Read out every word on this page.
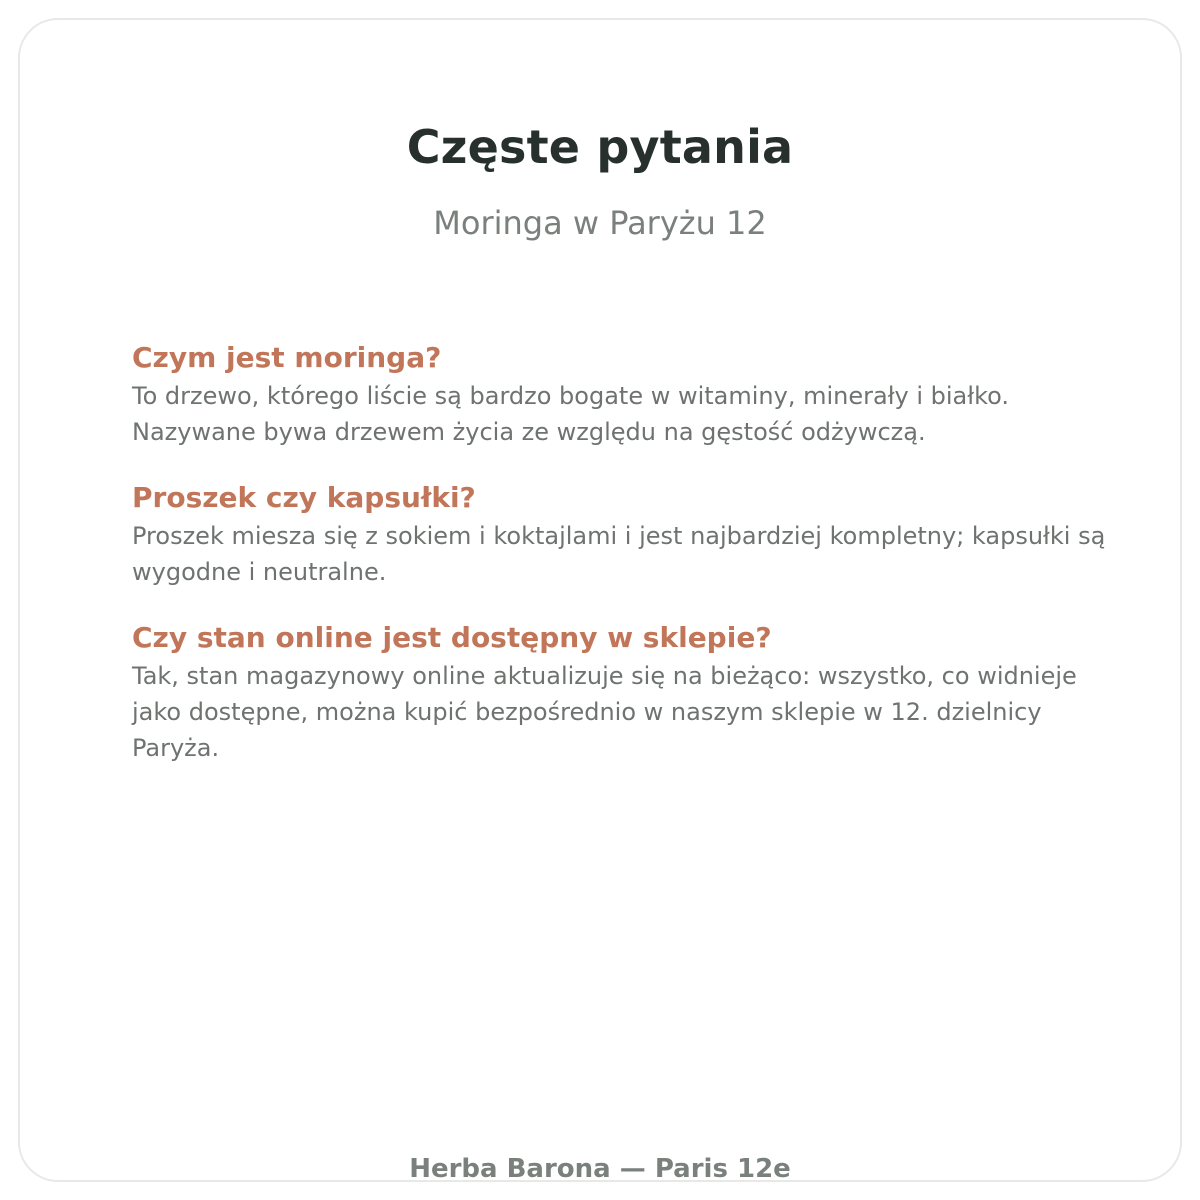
Częste pytania
Moringa w Paryżu 12
Czym jest moringa?
To drzewo, którego liście są bardzo bogate w witaminy, minerały i białko. Nazywane bywa drzewem życia ze względu na gęstość odżywczą.
Proszek czy kapsułki?
Proszek miesza się z sokiem i koktajlami i jest najbardziej kompletny; kapsułki są wygodne i neutralne.
Czy stan online jest dostępny w sklepie?
Tak, stan magazynowy online aktualizuje się na bieżąco: wszystko, co widnieje jako dostępne, można kupić bezpośrednio w naszym sklepie w 12. dzielnicy Paryża.
Herba Barona — Paris 12e
